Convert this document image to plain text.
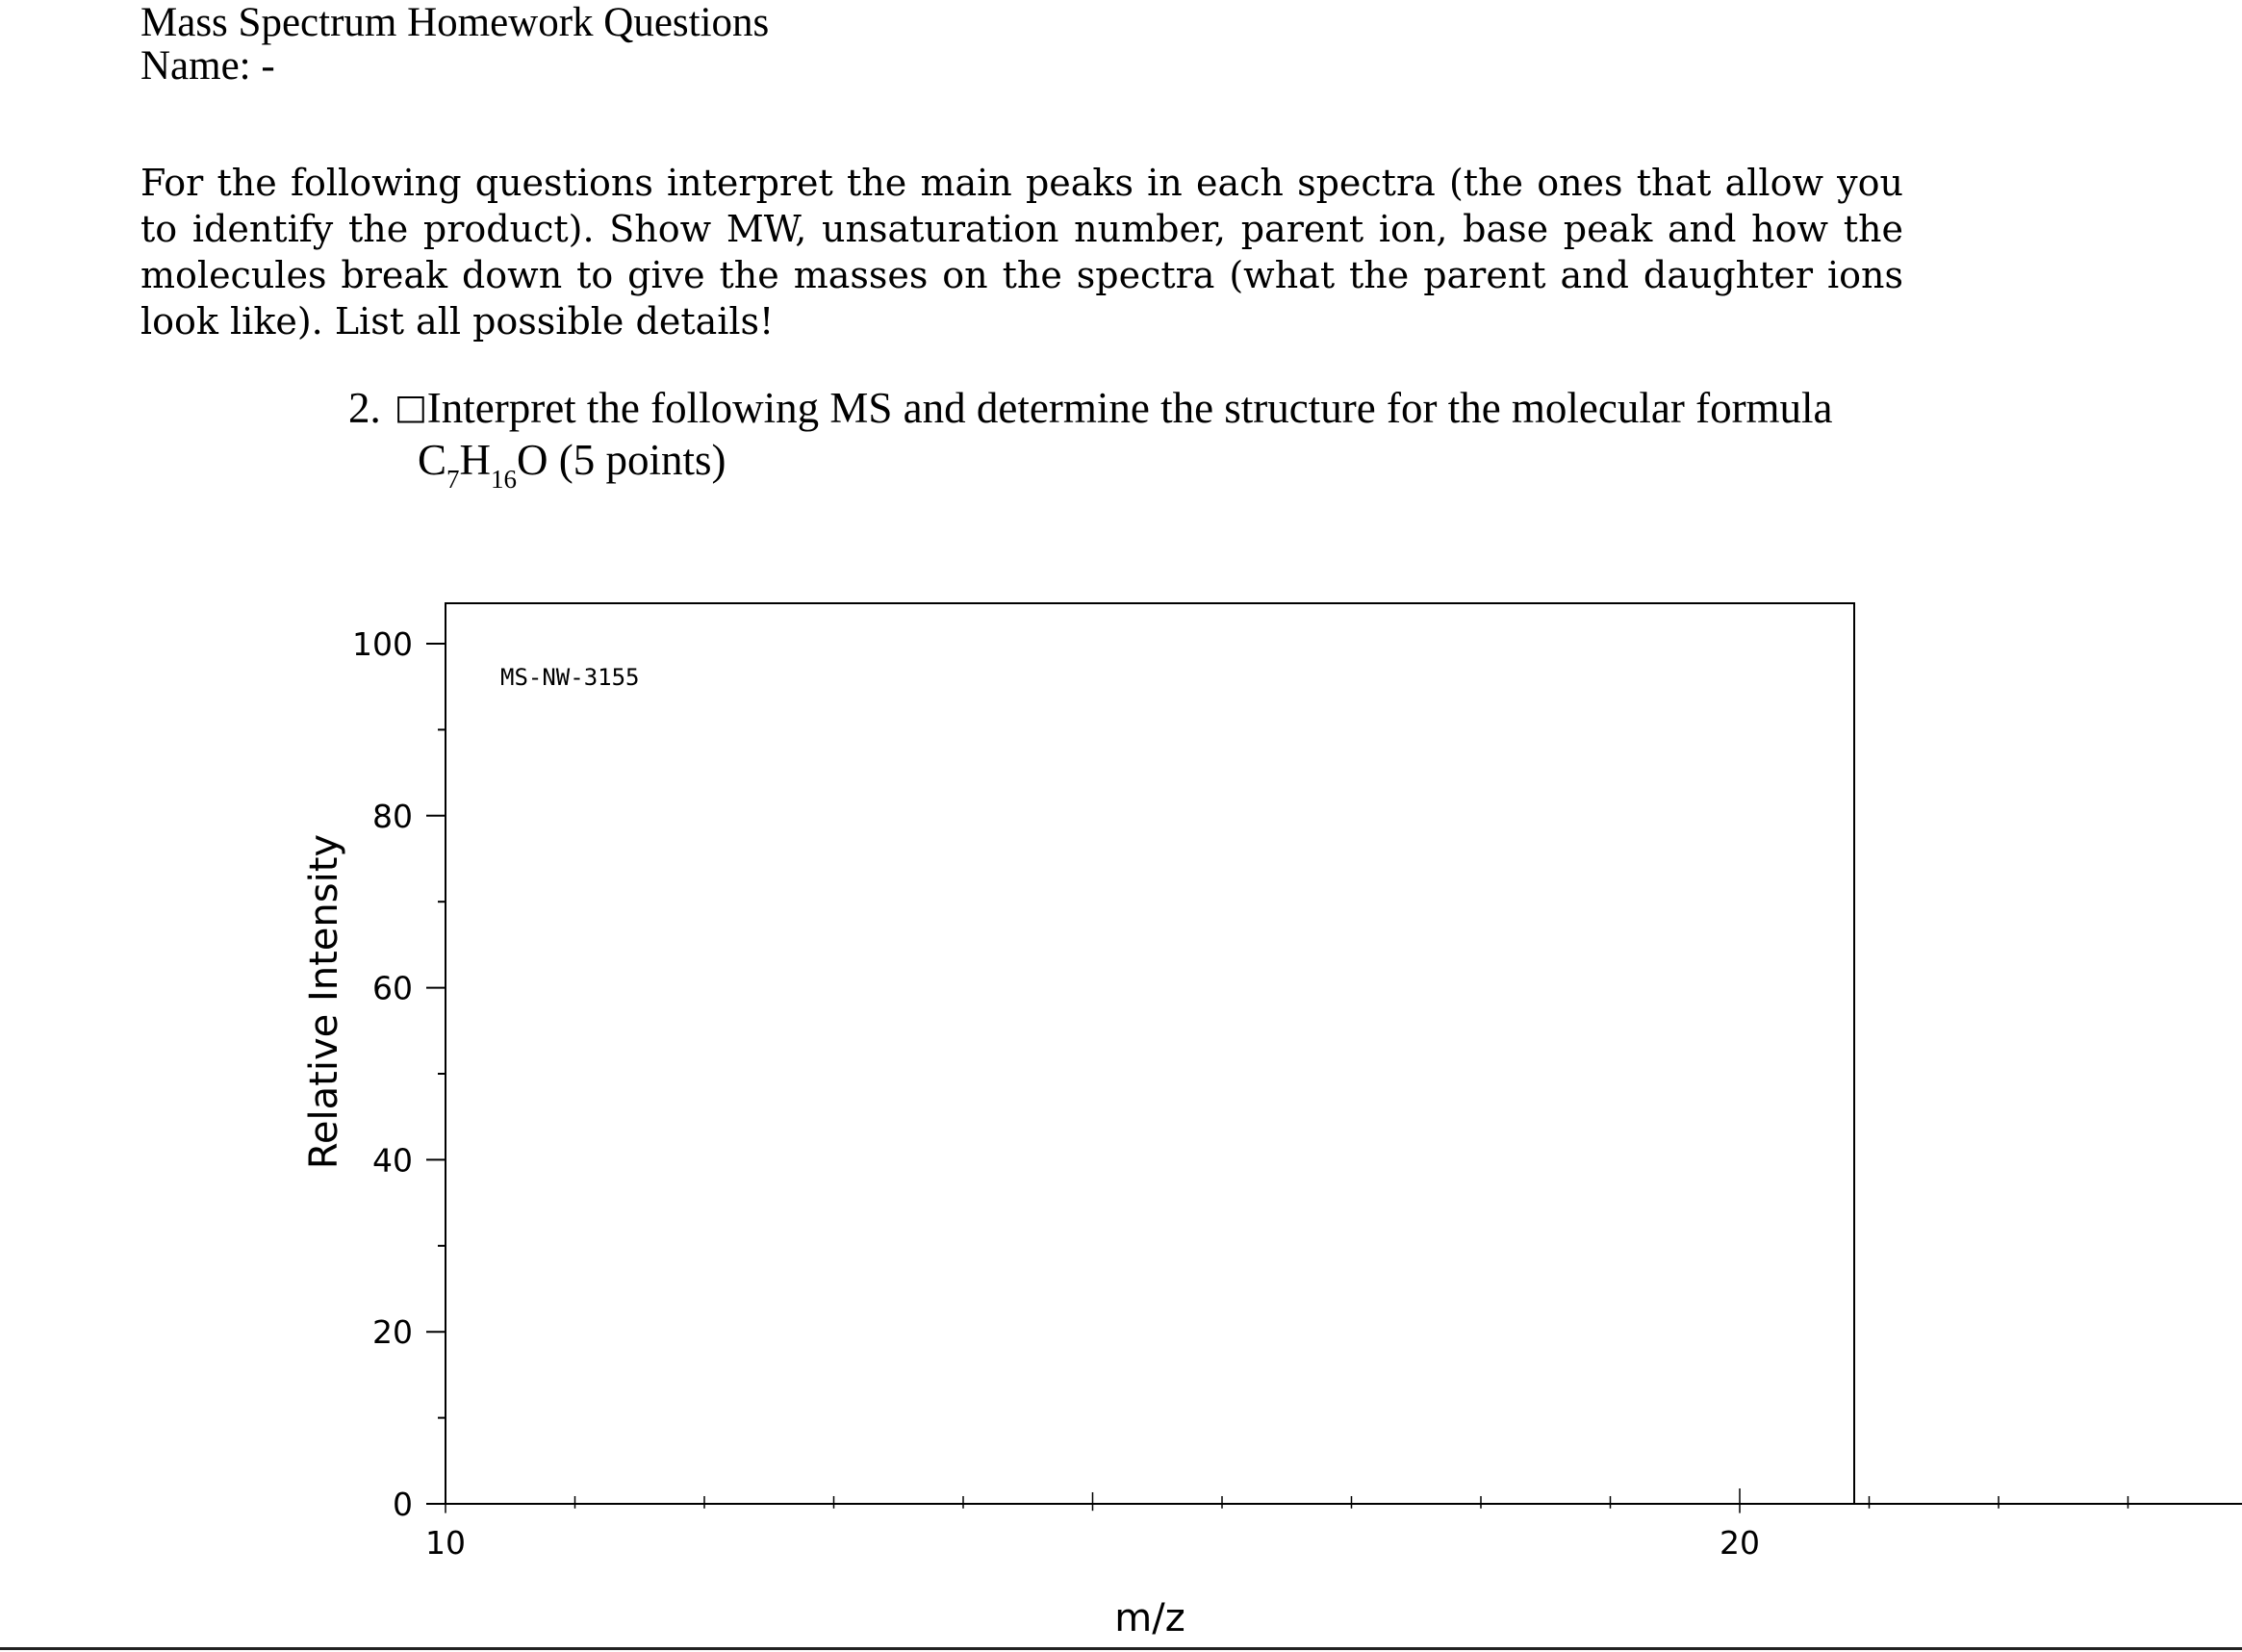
Mass Spectrum Homework Questions
Name: -
For the following questions interpret the main peaks in each spectra (the ones that allow you to identify the product). Show MW, unsaturation number, parent ion, base peak and how the molecules break down to give the masses on the spectra (what the parent and daughter ions look like). List all possible details!
2. □Interpret the following MS and determine the structure for the molecular formula
$C_7H_{16}O$ (5 points)
0
20
40
60
80
100
10	20
MS-NW-3155
Relative Intensity
m/z
